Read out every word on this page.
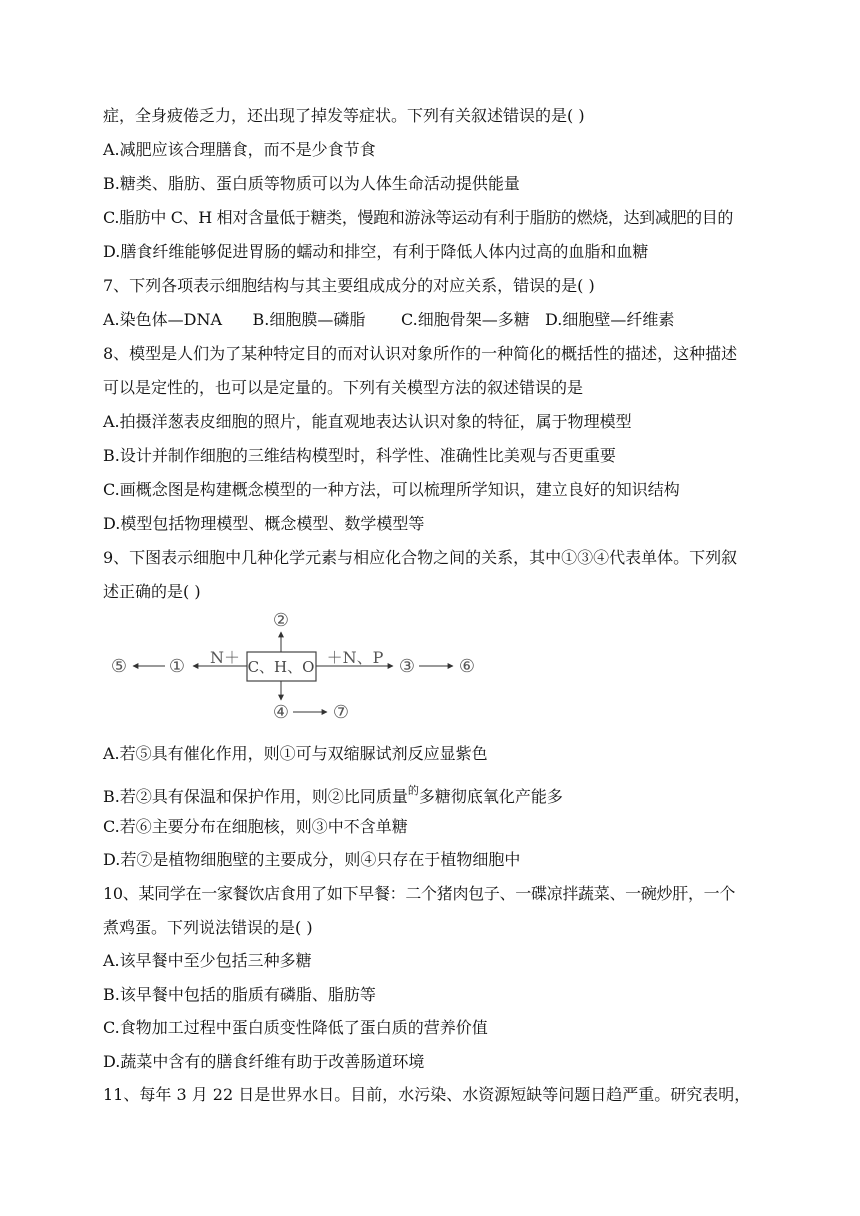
症，全身疲倦乏力，还出现了掉发等症状。下列有关叙述错误的是( )
A.减肥应该合理膳食，而不是少食节食
B.糖类、脂肪、蛋白质等物质可以为人体生命活动提供能量
C.脂肪中 C、H 相对含量低于糖类，慢跑和游泳等运动有利于脂肪的燃烧，达到减肥的目的
D.膳食纤维能够促进胃肠的蠕动和排空，有利于降低人体内过高的血脂和血糖
7、下列各项表示细胞结构与其主要组成成分的对应关系，错误的是( )
A.染色体—DNA      B.细胞膜—磷脂       C.细胞骨架—多糖   D.细胞壁—纤维素
8、模型是人们为了某种特定目的而对认识对象所作的一种简化的概括性的描述，这种描述
可以是定性的，也可以是定量的。下列有关模型方法的叙述错误的是
A.拍摄洋葱表皮细胞的照片，能直观地表达认识对象的特征，属于物理模型
B.设计并制作细胞的三维结构模型时，科学性、准确性比美观与否更重要
C.画概念图是构建概念模型的一种方法，可以梳理所学知识，建立良好的知识结构
D.模型包括物理模型、概念模型、数学模型等
9、下图表示细胞中几种化学元素与相应化合物之间的关系，其中①③④代表单体。下列叙
述正确的是( )
C、H、O
②
N＋
①
⑤	＋N、P ③ ⑥
④ ⑦
A.若⑤具有催化作用，则①可与双缩脲试剂反应显紫色
B.若②具有保温和保护作用，则②比同质量$^的$多糖彻底氧化产能多
C.若⑥主要分布在细胞核，则③中不含单糖
D.若⑦是植物细胞壁的主要成分，则④只存在于植物细胞中
10、某同学在一家餐饮店食用了如下早餐：二个猪肉包子、一碟凉拌蔬菜、一碗炒肝，一个
煮鸡蛋。下列说法错误的是( )
A.该早餐中至少包括三种多糖
B.该早餐中包括的脂质有磷脂、脂肪等
C.食物加工过程中蛋白质变性降低了蛋白质的营养价值
D.蔬菜中含有的膳食纤维有助于改善肠道环境
11、每年 3 月 22 日是世界水日。目前，水污染、水资源短缺等问题日趋严重。研究表明，
